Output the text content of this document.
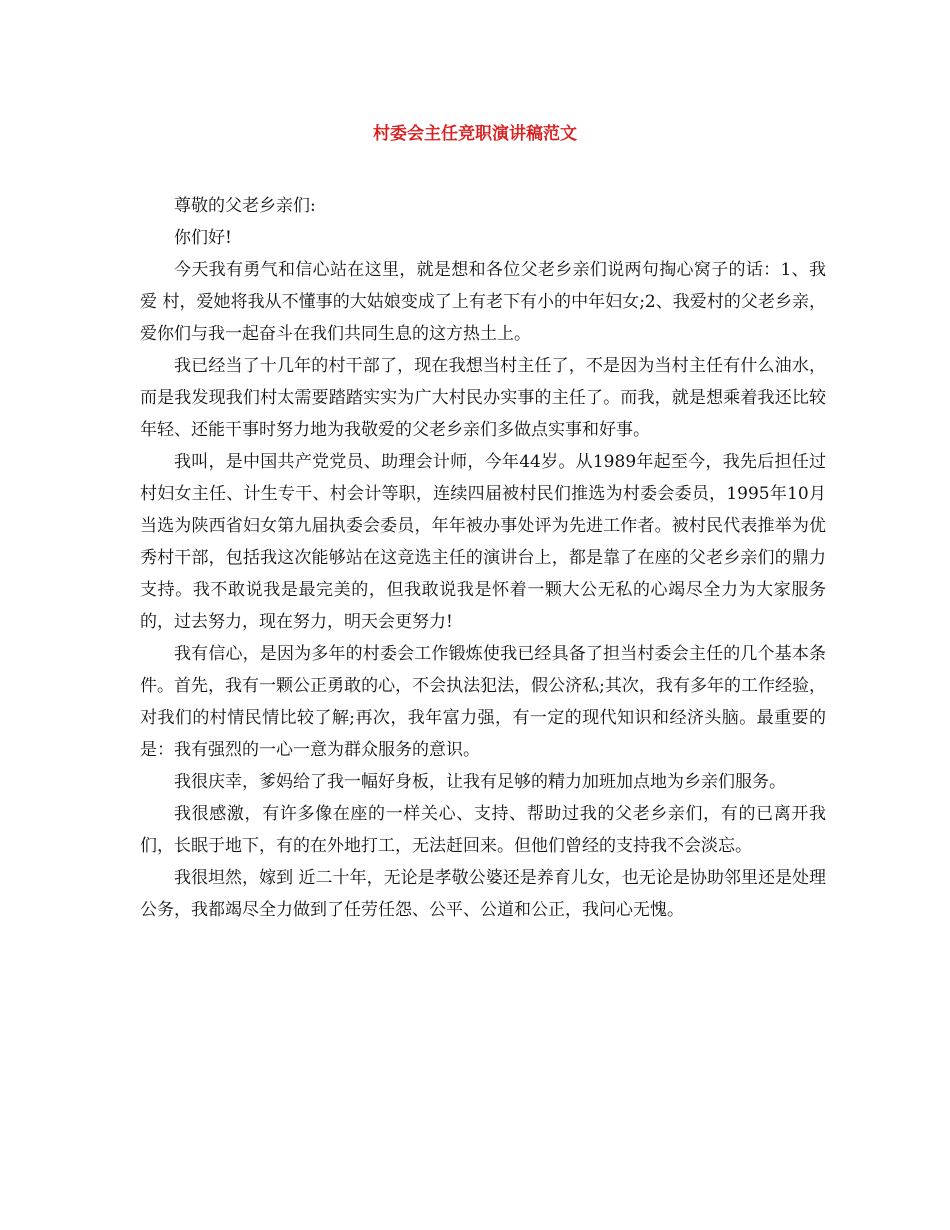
村委会主任竞职演讲稿范文

尊敬的父老乡亲们:

你们好!

今天我有勇气和信心站在这里，就是想和各位父老乡亲们说两句掏心窝子的话：1、我爱 村，爱她将我从不懂事的大姑娘变成了上有老下有小的中年妇女;2、我爱村的父老乡亲，爱你们与我一起奋斗在我们共同生息的这方热土上。

我已经当了十几年的村干部了，现在我想当村主任了，不是因为当村主任有什么油水，而是我发现我们村太需要踏踏实实为广大村民办实事的主任了。而我，就是想乘着我还比较年轻、还能干事时努力地为我敬爱的父老乡亲们多做点实事和好事。

我叫，是中国共产党党员、助理会计师，今年44岁。从1989年起至今，我先后担任过村妇女主任、计生专干、村会计等职，连续四届被村民们推选为村委会委员，1995年10月当选为陕西省妇女第九届执委会委员，年年被办事处评为先进工作者。被村民代表推举为优秀村干部，包括我这次能够站在这竞选主任的演讲台上，都是靠了在座的父老乡亲们的鼎力支持。我不敢说我是最完美的，但我敢说我是怀着一颗大公无私的心竭尽全力为大家服务的，过去努力，现在努力，明天会更努力!

我有信心，是因为多年的村委会工作锻炼使我已经具备了担当村委会主任的几个基本条件。首先，我有一颗公正勇敢的心，不会执法犯法，假公济私;其次，我有多年的工作经验，对我们的村情民情比较了解;再次，我年富力强，有一定的现代知识和经济头脑。最重要的是：我有强烈的一心一意为群众服务的意识。

我很庆幸，爹妈给了我一幅好身板，让我有足够的精力加班加点地为乡亲们服务。

我很感激，有许多像在座的一样关心、支持、帮助过我的父老乡亲们，有的已离开我们，长眠于地下，有的在外地打工，无法赶回来。但他们曾经的支持我不会淡忘。

我很坦然，嫁到 近二十年，无论是孝敬公婆还是养育儿女，也无论是协助邻里还是处理公务，我都竭尽全力做到了任劳任怨、公平、公道和公正，我问心无愧。
